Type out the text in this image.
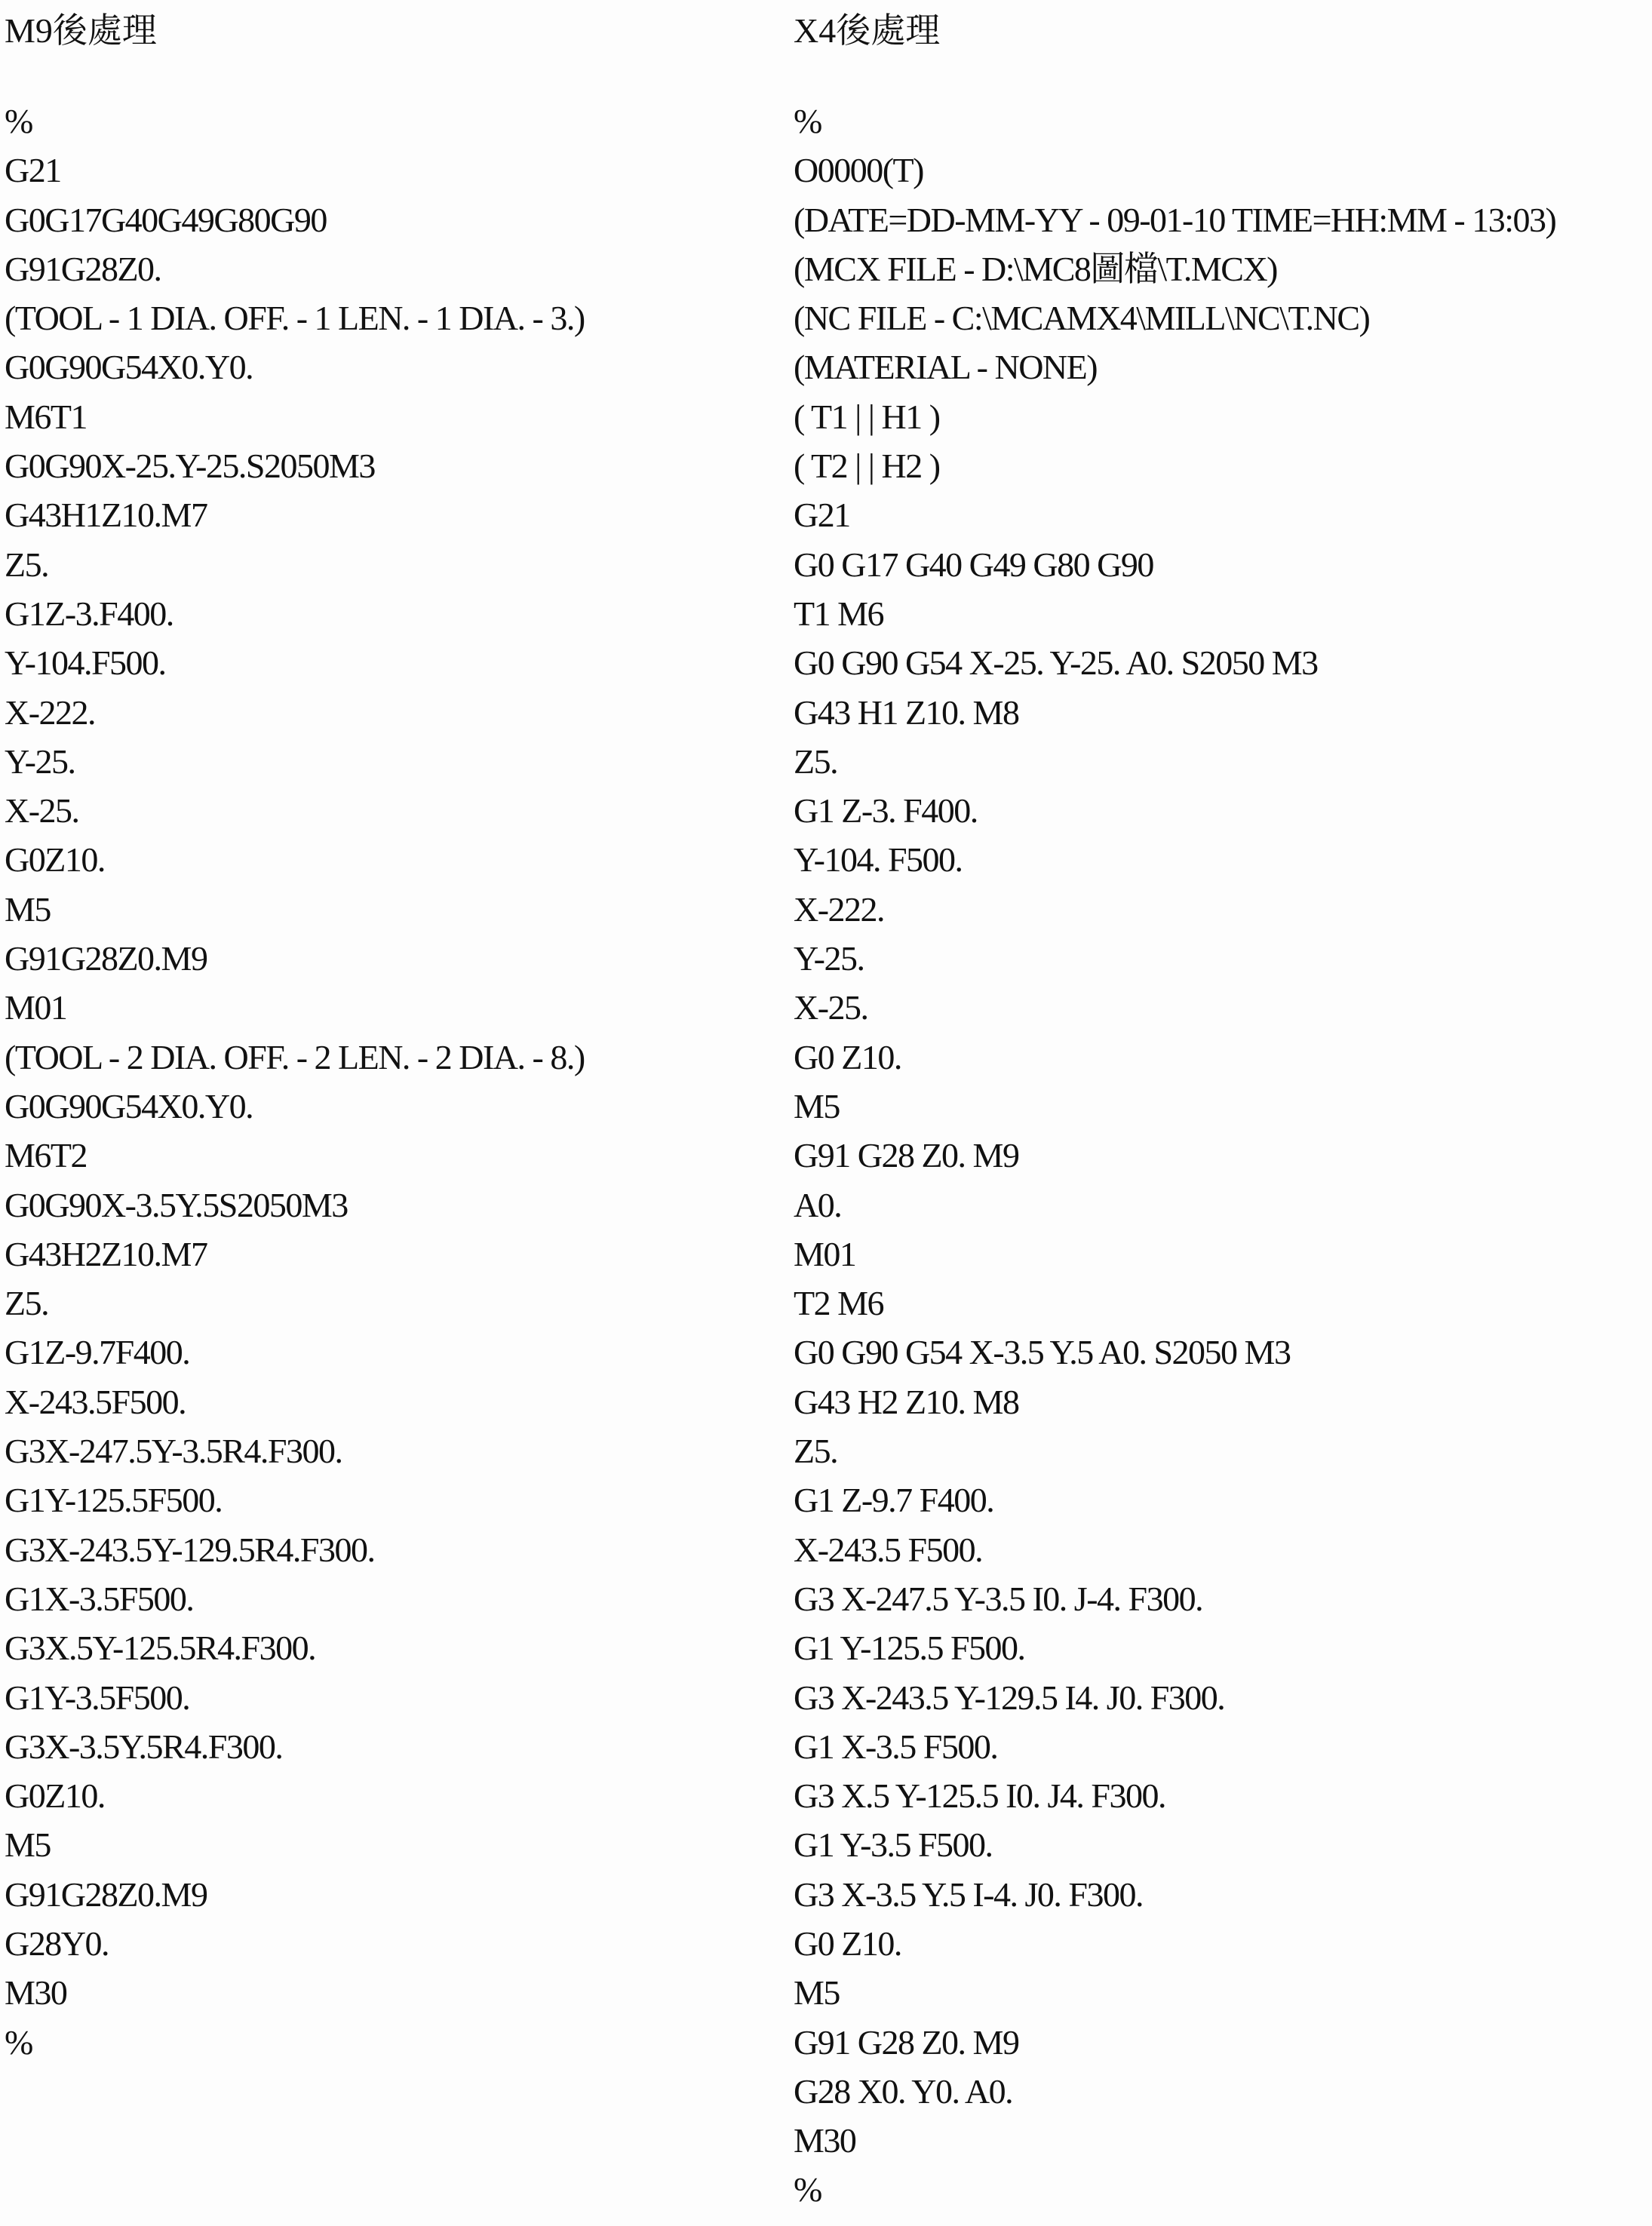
M9後處理
%
G21
G0G17G40G49G80G90
G91G28Z0.
(TOOL - 1 DIA. OFF. - 1 LEN. - 1 DIA. - 3.)
G0G90G54X0.Y0.
M6T1
G0G90X-25.Y-25.S2050M3
G43H1Z10.M7
Z5.
G1Z-3.F400.
Y-104.F500.
X-222.
Y-25.
X-25.
G0Z10.
M5
G91G28Z0.M9
M01
(TOOL - 2 DIA. OFF. - 2 LEN. - 2 DIA. - 8.)
G0G90G54X0.Y0.
M6T2
G0G90X-3.5Y.5S2050M3
G43H2Z10.M7
Z5.
G1Z-9.7F400.
X-243.5F500.
G3X-247.5Y-3.5R4.F300.
G1Y-125.5F500.
G3X-243.5Y-129.5R4.F300.
G1X-3.5F500.
G3X.5Y-125.5R4.F300.
G1Y-3.5F500.
G3X-3.5Y.5R4.F300.
G0Z10.
M5
G91G28Z0.M9
G28Y0.
M30
%
X4後處理
%
O0000(T)
(DATE=DD-MM-YY - 09-01-10 TIME=HH:MM - 13:03)
(MCX FILE - D:\MC8圖檔\T.MCX)
(NC FILE - C:\MCAMX4\MILL\NC\T.NC)
(MATERIAL - NONE)
( T1 | | H1 )
( T2 | | H2 )
G21
G0 G17 G40 G49 G80 G90
T1 M6
G0 G90 G54 X-25. Y-25. A0. S2050 M3
G43 H1 Z10. M8
Z5.
G1 Z-3. F400.
Y-104. F500.
X-222.
Y-25.
X-25.
G0 Z10.
M5
G91 G28 Z0. M9
A0.
M01
T2 M6
G0 G90 G54 X-3.5 Y.5 A0. S2050 M3
G43 H2 Z10. M8
Z5.
G1 Z-9.7 F400.
X-243.5 F500.
G3 X-247.5 Y-3.5 I0. J-4. F300.
G1 Y-125.5 F500.
G3 X-243.5 Y-129.5 I4. J0. F300.
G1 X-3.5 F500.
G3 X.5 Y-125.5 I0. J4. F300.
G1 Y-3.5 F500.
G3 X-3.5 Y.5 I-4. J0. F300.
G0 Z10.
M5
G91 G28 Z0. M9
G28 X0. Y0. A0.
M30
%
